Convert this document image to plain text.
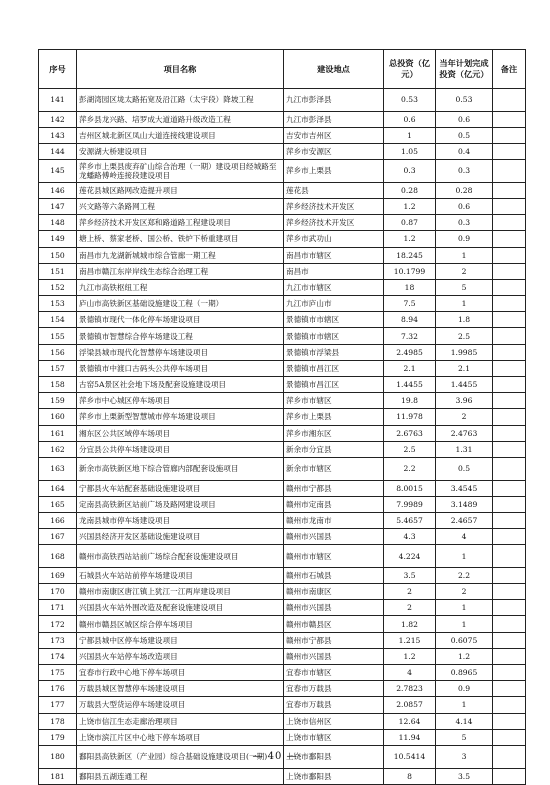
序号	项目名称	建设地点	总投资（亿元）	当年计划完成投资（亿元）	备注
141	彭湖湾园区垅太路拓宽及沿江路（太宇段）降坡工程	九江市彭泽县	0.53	0.53	
142	萍乡县龙兴路、培罗成大道道路升级改造工程	九江市彭泽县	0.6	0.6	
143	吉州区城北新区凤山大道连接线建设项目	吉安市吉州区	1	0.5	
144	安源湖大桥建设项目	萍乡市安源区	1.05	0.4	
145	萍乡市上栗县废弃矿山综合治理（一期）建设项目经城路至龙蟠路傅岭连接段建设项目	萍乡市上栗县	0.3	0.3	
146	莲花县城区路网改造提升项目	莲花县	0.28	0.28	
147	兴文路等六条路网工程	萍乡经济技术开发区	1.2	0.6	
148	萍乡经济技术开发区郑和路道路工程建设项目	萍乡经济技术开发区	0.87	0.3	
149	塘上桥、蔡家老桥、国公桥、铁炉下桥重建项目	萍乡市武功山	1.2	0.9	
150	南昌市九龙湖新城城市综合管廊一期工程	南昌市市辖区	18.245	1	
151	南昌市赣江东岸岸线生态综合治理工程	南昌市	10.1799	2	
152	九江市高铁枢纽工程	九江市市辖区	18	5	
153	庐山市高铁新区基础设施建设工程（一期）	九江市庐山市	7.5	1	
154	景德镇市现代一体化停车场建设项目	景德镇市市辖区	8.94	1.8	
155	景德镇市智慧综合停车场建设工程	景德镇市市辖区	7.32	2.5	
156	浮梁县城市现代化智慧停车场建设项目	景德镇市浮梁县	2.4985	1.9985	
157	景德镇市中渡口古码头公共停车场项目	景德镇市昌江区	2.1	2.1	
158	古窑5A景区社会地下场及配套设施建设项目	景德镇市昌江区	1.4455	1.4455	
159	萍乡市中心城区停车场项目	萍乡市市辖区	19.8	3.96	
160	萍乡市上栗新型智慧城市停车场建设项目	萍乡市上栗县	11.978	2	
161	湘东区公共区域停车场项目	萍乡市湘东区	2.6763	2.4763	
162	分宜县公共停车场建设项目	新余市分宜县	2.5	1.31	
163	新余市高铁新区地下综合管廊内部配套设施项目	新余市市辖区	2.2	0.5	
164	宁都县火车站配套基础设施建设项目	赣州市宁都县	8.0015	3.4545	
165	定南县高铁新区站前广场及路网建设项目	赣州市定南县	7.9989	3.1489	
166	龙南县城市停车场建设项目	赣州市龙南市	5.4657	2.4657	
167	兴国县经济开发区基础设施建设项目	赣州市兴国县	4.3	4	
168	赣州市高铁西站站前广场综合配套设施建设项目	赣州市市辖区	4.224	1	
169	石城县火车站站前停车场建设项目	赣州市石城县	3.5	2.2	
170	赣州市南康区唐江镇上犹江一江两岸建设项目	赣州市南康区	2	2	
171	兴国县火车站外围改造及配套设施建设项目	赣州市兴国县	2	1	
172	赣州市赣县区城区综合停车场项目	赣州市赣县区	1.82	1	
173	宁都县城中区停车场建设项目	赣州市宁都县	1.215	0.6075	
174	兴国县火车站停车场改造项目	赣州市兴国县	1.2	1.2	
175	宜春市行政中心地下停车场项目	宜春市市辖区	4	0.8965	
176	万载县城区智慧停车场建设项目	宜春市万载县	2.7823	0.9	
177	万载县大型货运停车场建设项目	宜春市万载县	2.0857	1	
178	上饶市信江生态走廊治理项目	上饶市信州区	12.64	4.14	
179	上饶市滨江片区中心地下停车场项目	上饶市市辖区	11.94	5	
180	鄱阳县高铁新区（产业园）综合基础设施建设项目(一期)	上饶市鄱阳县	10.5414	3	
181	鄱阳县五湖连通工程	上饶市鄱阳县	8	3.5	
— 40 —
